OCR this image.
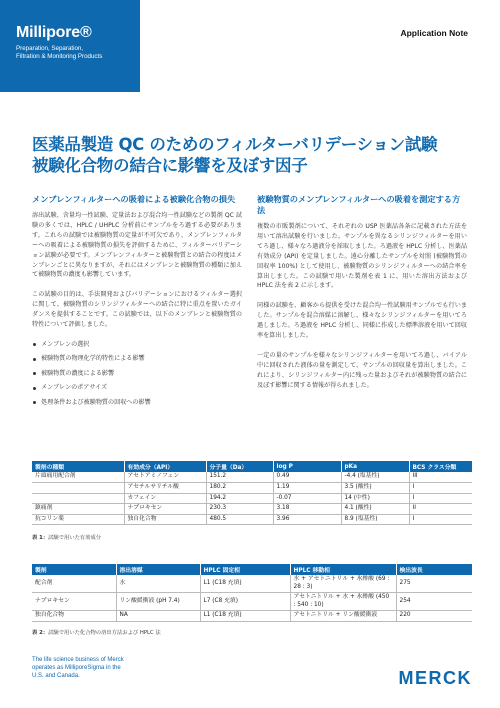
Millipore®
Preparation, Separation,
Filtration & Monitoring Products
Application Note
医薬品製造 QC のためのフィルターバリデーション試験
被験化合物の結合に影響を及ぼす因子
メンブレンフィルターへの吸着による被験化合物の損失

溶出試験、含量均一性試験、定量法および混合均一性試験などの製剤 QC 試験の多くでは、HPLC / UHPLC 分析前にサンプルをろ過する必要があります。これらの試験では被験物質の定量が不可欠であり、メンブレンフィルターへの吸着による被験物質の損失を評価するために、フィルターバリデーション試験が必要です。メンブレンフィルターと被験物質との結合の程度はメンブレンごとに異なりますが、それにはメンブレンと被験物質の種類に加えて被験物質の濃度も影響しています。

この試験の目的は、手法開発およびバリデーションにおけるフィルター選択に関して、被験物質のシリンジフィルターへの結合に特に重点を置いたガイダンスを提供することです。この試験では、以下のメンブレンと被験物質の特性について評価しました。

メンブレンの選択
被験物質の物理化学的特性による影響
被験物質の濃度による影響
メンブレンのポアサイズ
処理条件および被験物質の回収への影響
被験物質のメンブレンフィルターへの吸着を測定する方法

複数の市販製剤について、それぞれの USP 医薬品各条に記載された方法を用いて溶出試験を行いました。サンプルを異なるシリンジフィルターを用いてろ過し、様々なろ過液分を採取しました。ろ過液を HPLC 分析し、医薬品有効成分 (API) を定量しました。遠心分離したサンプルを対照 (被験物質の回収率 100%) として使用し、被験物質のシリンジフィルターへの結合率を算出しました。この試験で用いた製剤を表 1 に、用いた溶出方法および HPLC 法を表 2 に示します。

同様の試験を、顧客から提供を受けた混合均一性試験用サンプルでも行いました。サンプルを混合溶媒に溶解し、様々なシリンジフィルターを用いてろ過しました。ろ過液を HPLC 分析し、同様に作成した標準溶液を用いて回収率を算出しました。

一定の量のサンプルを様々なシリンジフィルターを用いてろ過し、バイアル中に回収された液体の量を測定して、サンプルの回収量を算出しました。これにより、シリンジフィルター内に残った量およびそれが被験物質の結合に及ぼす影響に関する情報が得られました。

製剤の種類	有効成分（API）	分子量（Da）	log P	pKa	BCS クラス分類
片頭痛用配合剤	アセトアミノフェン	151.2	0.49	-4.4 (塩基性)	III
	アセチルサリチル酸	180.2	1.19	3.5 (酸性)	I
	カフェイン	194.2	-0.07	14 (中性)	I
鎮痛剤	ナプロキセン	230.3	3.18	4.1 (酸性)	II
抗コリン薬	独自化合物	480.5	3.96	8.9 (塩基性)	I
表 1：試験で用いた有効成分
製剤	溶出溶媒	HPLC 固定相	HPLC 移動相	検出波長
配合剤	水	L1 (C18 充填)	水 + アセトニトリル + 氷酢酸 (69 : 28 : 3)	275
ナプロキセン	リン酸緩衝液 (pH 7.4)	L7 (C8 充填)	アセトニトリル + 水 + 氷酢酸 (450 : 540 : 10)	254
独自化合物	NA	L1 (C18 充填)	アセトニトリル + リン酸緩衝液	220
表 2：試験で用いた化合物の溶出方法および HPLC 法
The life science business of Merck
operates as MilliporeSigma in the
U.S. and Canada.	MERCK
